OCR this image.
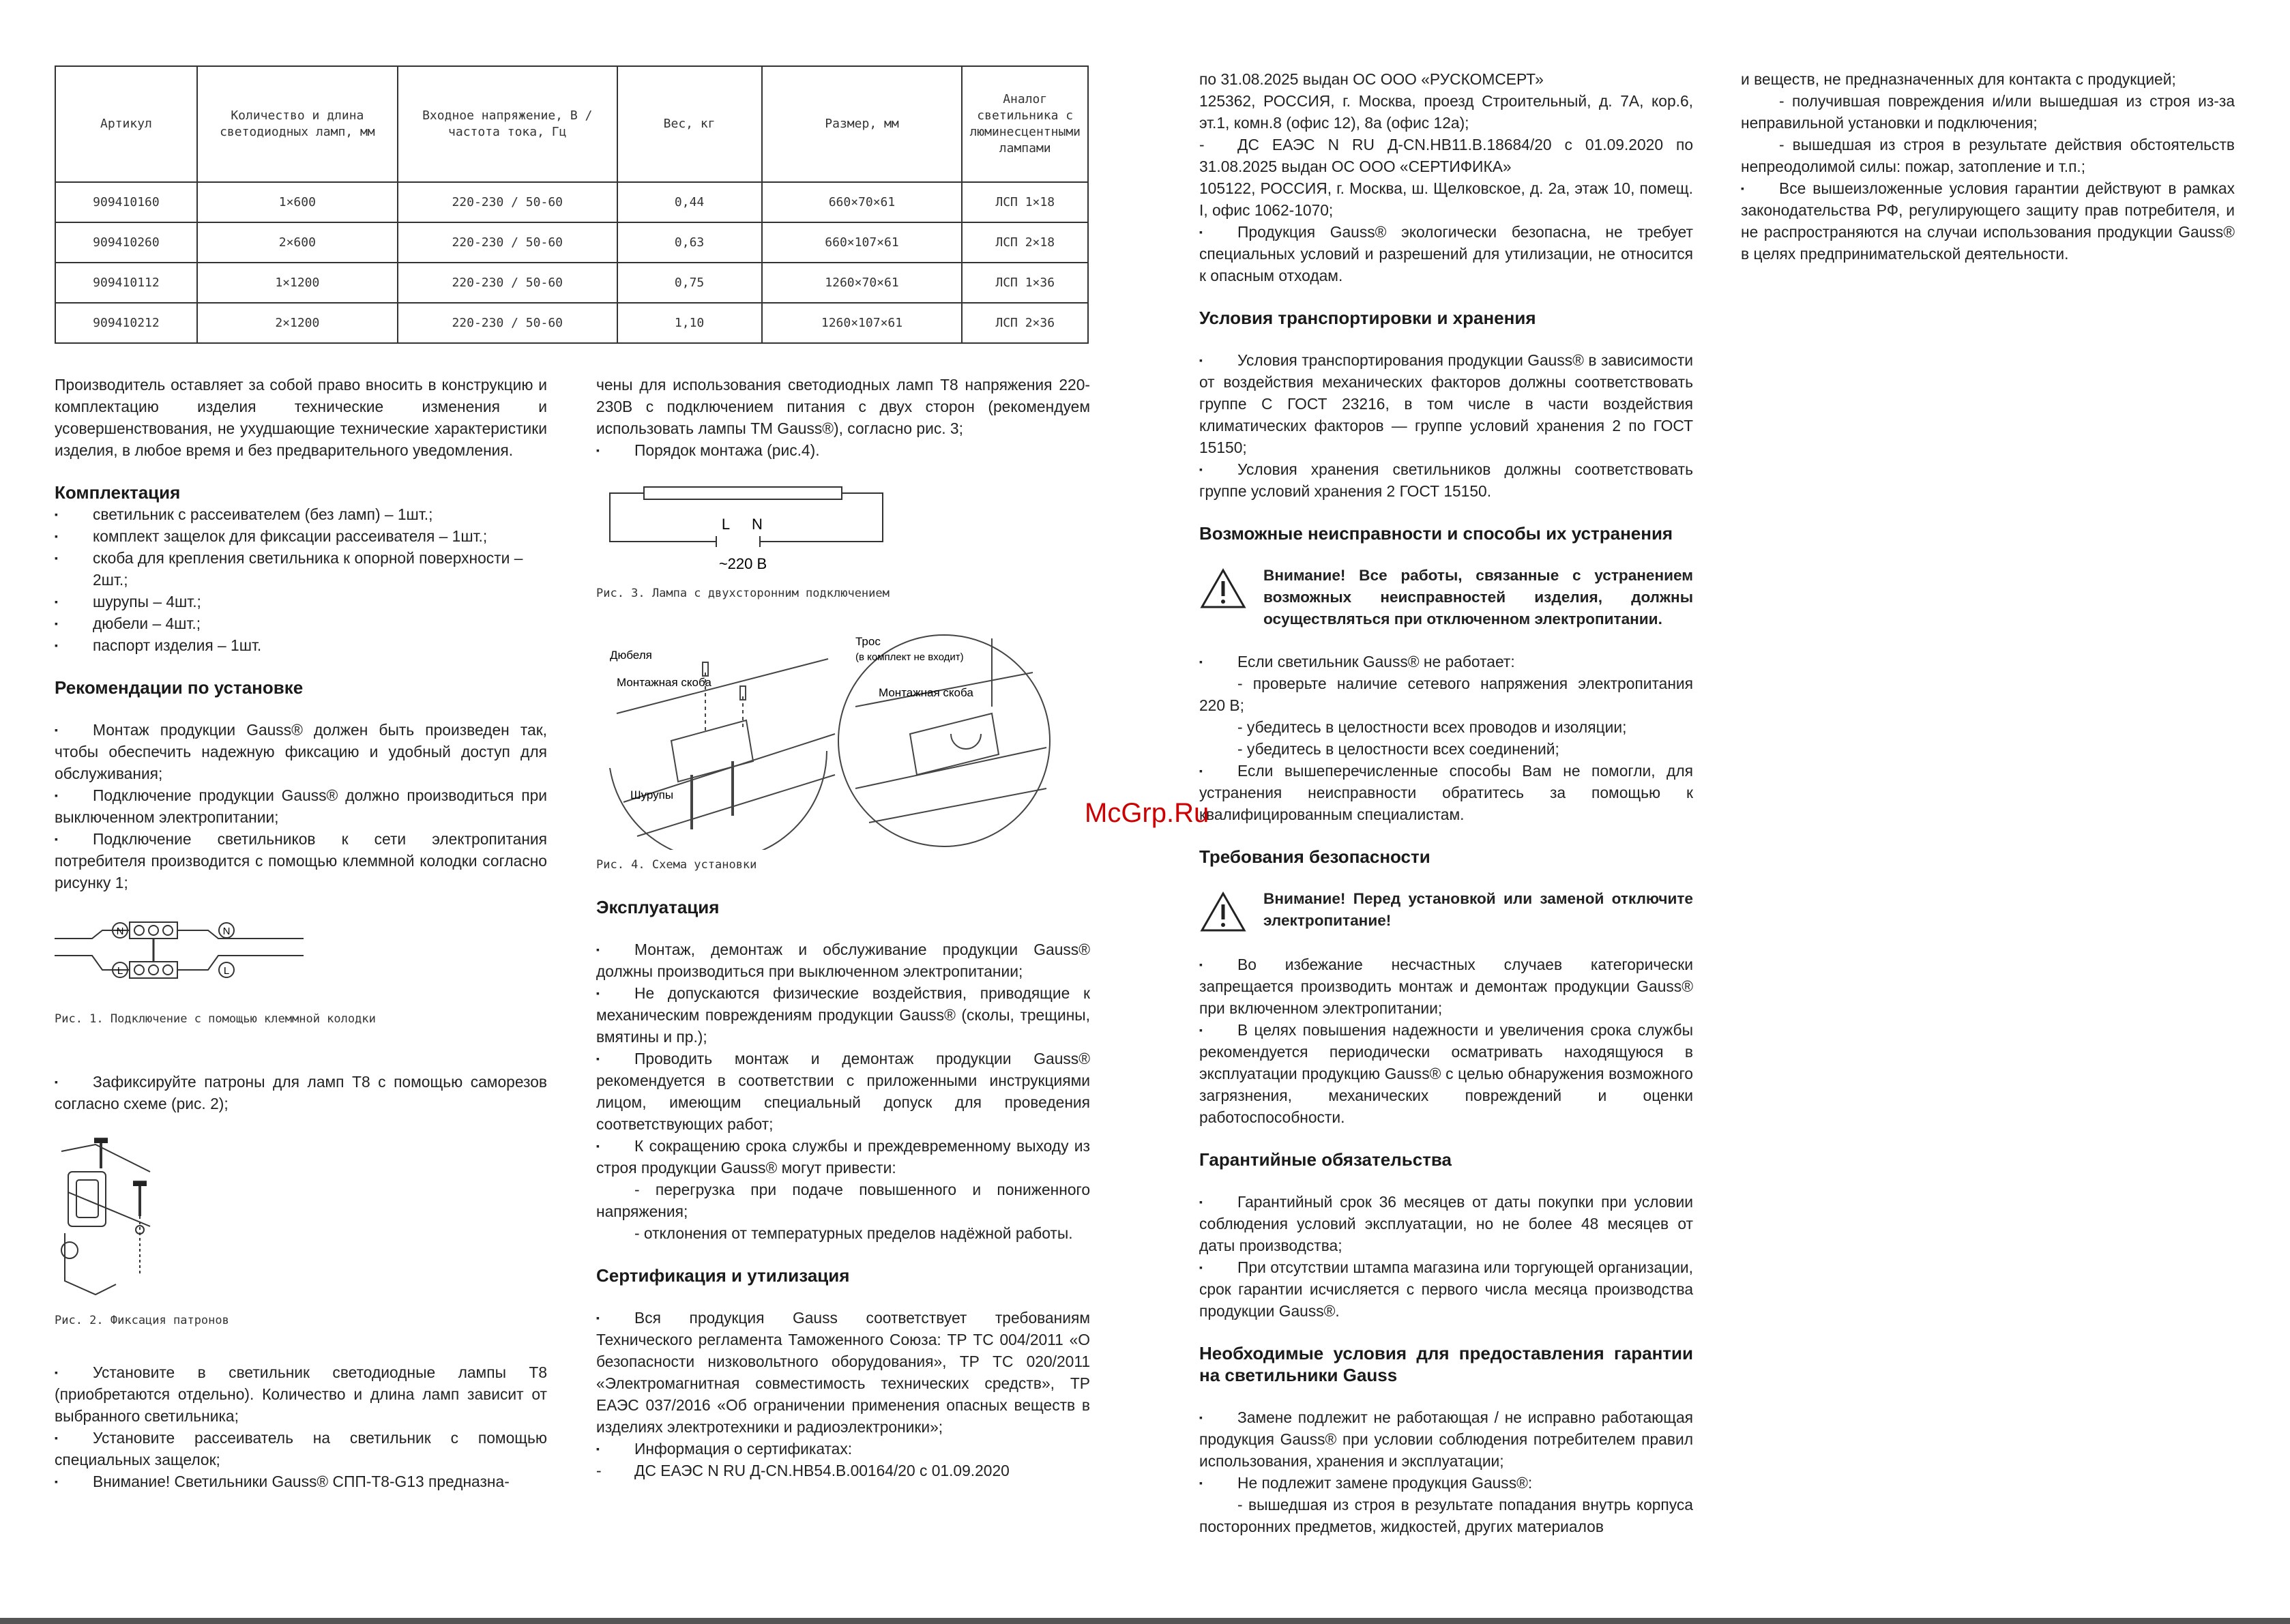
Артикул	Количество и длина светодиодных ламп, мм	Входное напряжение, В / частота тока, Гц	Вес, кг	Размер, мм	Аналог светильника с люминесцентными лампами
909410160	1×600	220-230 / 50-60	0,44	660×70×61	ЛСП 1×18
909410260	2×600	220-230 / 50-60	0,63	660×107×61	ЛСП 2×18
909410112	1×1200	220-230 / 50-60	0,75	1260×70×61	ЛСП 1×36
909410212	2×1200	220-230 / 50-60	1,10	1260×107×61	ЛСП 2×36

Производитель оставляет за собой право вносить в конструкцию и комплектацию изделия технические изменения и усовершенствования, не ухудшающие технические характеристики изделия, в любое время и без предварительного уведомления.

Комплектация
▪ светильник с рассеивателем (без ламп) – 1шт.;
▪ комплект защелок для фиксации рассеивателя – 1шт.;
▪ скоба для крепления светильника к опорной поверхности – 2шт.;
▪ шурупы – 4шт.;
▪ дюбели – 4шт.;
▪ паспорт изделия – 1шт.
Рекомендации по установке

▪ Монтаж продукции Gauss® должен быть произведен так, чтобы обеспечить надежную фиксацию и удобный доступ для обслуживания;

▪ Подключение продукции Gauss® должно производиться при выключенном электропитании;

▪ Подключение светильников к сети электропитания потребителя производится с помощью клеммной колодки согласно рисунку 1;

N	N
L	L

Рис. 1. Подключение с помощью клеммной колодки

▪ Зафиксируйте патроны для ламп T8 с помощью саморезов согласно схеме (рис. 2);

Рис. 2. Фиксация патронов

▪ Установите в светильник светодиодные лампы T8 (приобретаются отдельно). Количество и длина ламп зависит от выбранного светильника;

▪ Установите рассеиватель на светильник с помощью специальных защелок;

▪ Внимание! Светильники Gauss® СПП-Т8-G13 предназна-

чены для использования светодиодных ламп Т8 напряжения 220-230В с подключением питания с двух сторон (рекомендуем использовать лампы ТМ Gauss®), согласно рис. 3;

▪ Порядок монтажа (рис.4).

L N
~220 В

Рис. 3. Лампа с двухсторонним подключением

Дюбеля
Монтажная скоба
Шурупы
Трос
(в комплект не входит)
Монтажная скоба

Рис. 4. Схема установки

Эксплуатация

▪ Монтаж, демонтаж и обслуживание продукции Gauss® должны производиться при выключенном электропитании;

▪ Не допускаются физические воздействия, приводящие к механическим повреждениям продукции Gauss® (сколы, трещины, вмятины и пр.);

▪ Проводить монтаж и демонтаж продукции Gauss® рекомендуется в соответствии с приложенными инструкциями лицом, имеющим специальный допуск для проведения соответствующих работ;

▪ К сокращению срока службы и преждевременному выходу из строя продукции Gauss® могут привести:

- перегрузка при подаче повышенного и пониженного напряжения;

- отклонения от температурных пределов надёжной работы.

Сертификация и утилизация

▪ Вся продукция Gauss соответствует требованиям Технического регламента Таможенного Союза: ТР ТС 004/2011 «О безопасности низковольтного оборудования», ТР ТС 020/2011 «Электромагнитная совместимость технических средств», ТР ЕАЭС 037/2016 «Об ограничении применения опасных веществ в изделиях электротехники и радиоэлектроники»;

▪ Информация о сертификатах:

- ДС ЕАЭС N RU Д-CN.НВ54.В.00164/20 с 01.09.2020

по 31.08.2025 выдан ОС ООО «РУСКОМСЕРТ»

125362, РОССИЯ, г. Москва, проезд Строительный, д. 7А, кор.6, эт.1, комн.8 (офис 12), 8а (офис 12а);

- ДС ЕАЭС N RU Д-CN.НВ11.В.18684/20 с 01.09.2020 по 31.08.2025 выдан ОС ООО «СЕРТИФИКА»

105122, РОССИЯ, г. Москва, ш. Щелковское, д. 2а, этаж 10, помещ. I, офис 1062-1070;

▪ Продукция Gauss® экологически безопасна, не требует специальных условий и разрешений для утилизации, не относится к опасным отходам.

Условия транспортировки и хранения

▪ Условия транспортирования продукции Gauss® в зависимости от воздействия механических факторов должны соответствовать группе С ГОСТ 23216, в том числе в части воздействия климатических факторов — группе условий хранения 2 по ГОСТ 15150;

▪ Условия хранения светильников должны соответствовать группе условий хранения 2 ГОСТ 15150.

Возможные неисправности и способы их устранения

Внимание! Все работы, связанные с устранением возможных неисправностей изделия, должны осуществляться при отключенном электропитании.

▪ Если светильник Gauss® не работает:

- проверьте наличие сетевого напряжения электропитания 220 В;

- убедитесь в целостности всех проводов и изоляции;

- убедитесь в целостности всех соединений;

▪ Если вышеперечисленные способы Вам не помогли, для устранения неисправности обратитесь за помощью к квалифицированным специалистам.

Требования безопасности

Внимание! Перед установкой или заменой отключите электропитание!

▪ Во избежание несчастных случаев категорически запрещается производить монтаж и демонтаж продукции Gauss® при включенном электропитании;

▪ В целях повышения надежности и увеличения срока службы рекомендуется периодически осматривать находящуюся в эксплуатации продукцию Gauss® с целью обнаружения возможного загрязнения, механических повреждений и оценки работоспособности.

Гарантийные обязательства

▪ Гарантийный срок 36 месяцев от даты покупки при условии соблюдения условий эксплуатации, но не более 48 месяцев от даты производства;

▪ При отсутствии штампа магазина или торгующей организации, срок гарантии исчисляется с первого числа месяца производства продукции Gauss®.

Необходимые условия для предоставления гарантии на светильники Gauss

▪ Замене подлежит не работающая / не исправно работающая продукция Gauss® при условии соблюдения потребителем правил использования, хранения и эксплуатации;

▪ Не подлежит замене продукция Gauss®:

- вышедшая из строя в результате попадания внутрь корпуса посторонних предметов, жидкостей, других материалов

и веществ, не предназначенных для контакта с продукцией;

- получившая повреждения и/или вышедшая из строя из-за неправильной установки и подключения;

- вышедшая из строя в результате действия обстоятельств непреодолимой силы: пожар, затопление и т.п.;

▪ Все вышеизложенные условия гарантии действуют в рамках законодательства РФ, регулирующего защиту прав потребителя, и не распространяются на случаи использования продукции Gauss® в целях предпринимательской деятельности.

McGrp.Ru
